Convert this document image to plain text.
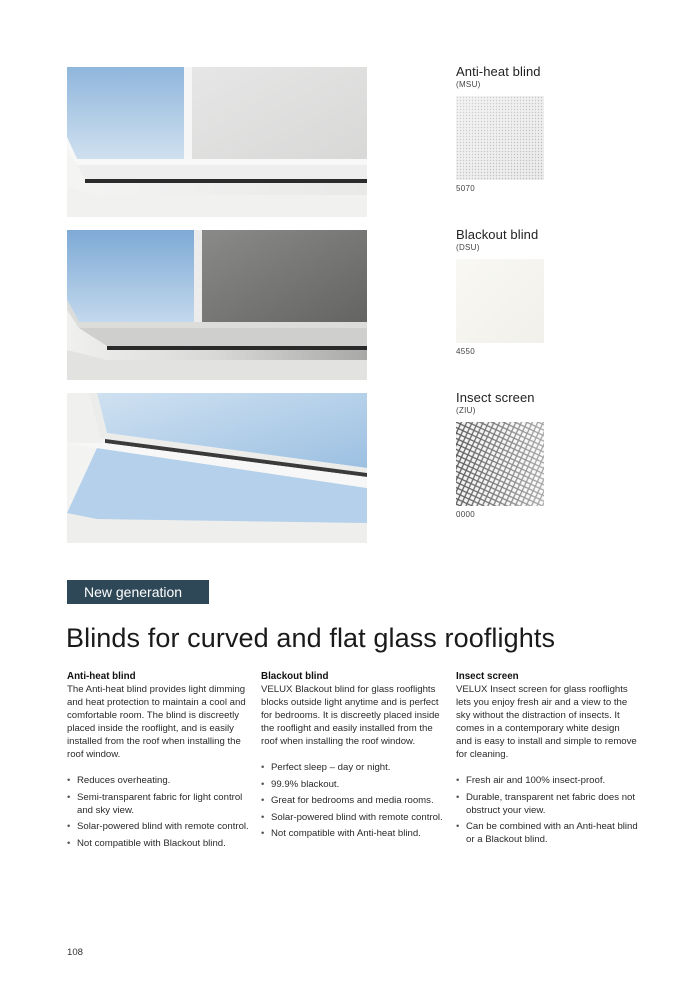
Anti-heat blind
(MSU)
5070
Blackout blind
(DSU)
4550
Insect screen
(ZIU)
0000
New generation
Blinds for curved and flat glass rooflights
Anti-heat blind

The Anti-heat blind provides light dimming and heat protection to maintain a cool and comfortable room. The blind is discreetly placed inside the rooflight, and is easily installed from the roof when installing the roof window.

• Reduces overheating.
• Semi-transparent fabric for light control and sky view.
• Solar-powered blind with remote control.
• Not compatible with Blackout blind.
Blackout blind

VELUX Blackout blind for glass rooflights blocks outside light anytime and is perfect for bedrooms. It is discreetly placed inside the rooflight and easily installed from the roof when installing the roof window.

• Perfect sleep – day or night.
• 99.9% blackout.
• Great for bedrooms and media rooms.
• Solar-powered blind with remote control.
• Not compatible with Anti-heat blind.
Insect screen

VELUX Insect screen for glass rooflights lets you enjoy fresh air and a view to the sky without the distraction of insects. It comes in a contemporary white design and is easy to install and simple to remove for cleaning.

• Fresh air and 100% insect-proof.
• Durable, transparent net fabric does not obstruct your view.
• Can be combined with an Anti-heat blind or a Blackout blind.
108
